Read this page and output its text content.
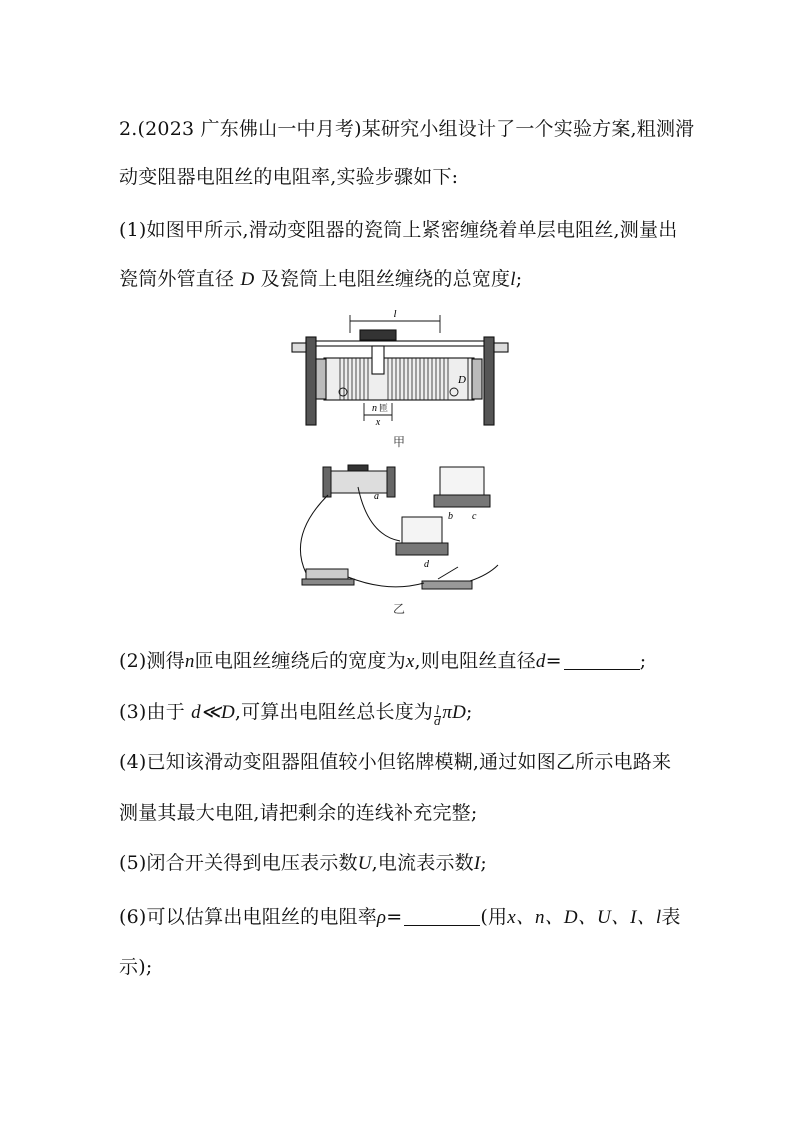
2.(2023 广东佛山一中月考)某研究小组设计了一个实验方案,粗测滑
动变阻器电阻丝的电阻率,实验步骤如下:
(1)如图甲所示,滑动变阻器的瓷筒上紧密缠绕着单层电阻丝,测量出
瓷筒外管直径 D 及瓷筒上电阻丝缠绕的总宽度l;
l
D
n 匝
x
甲
a
b c
d
乙
(2)测得n匝电阻丝缠绕后的宽度为x,则电阻丝直径d=	;
(3)由于 d≪D,可算出电阻丝总长度为 $\frac{l}{d} \pi D$;
(4)已知该滑动变阻器阻值较小但铭牌模糊,通过如图乙所示电路来
测量其最大电阻,请把剩余的连线补充完整;
(5)闭合开关得到电压表示数U,电流表示数I;
(6)可以估算出电阻丝的电阻率ρ=	(用x、n、D、U、I、l表
示);
